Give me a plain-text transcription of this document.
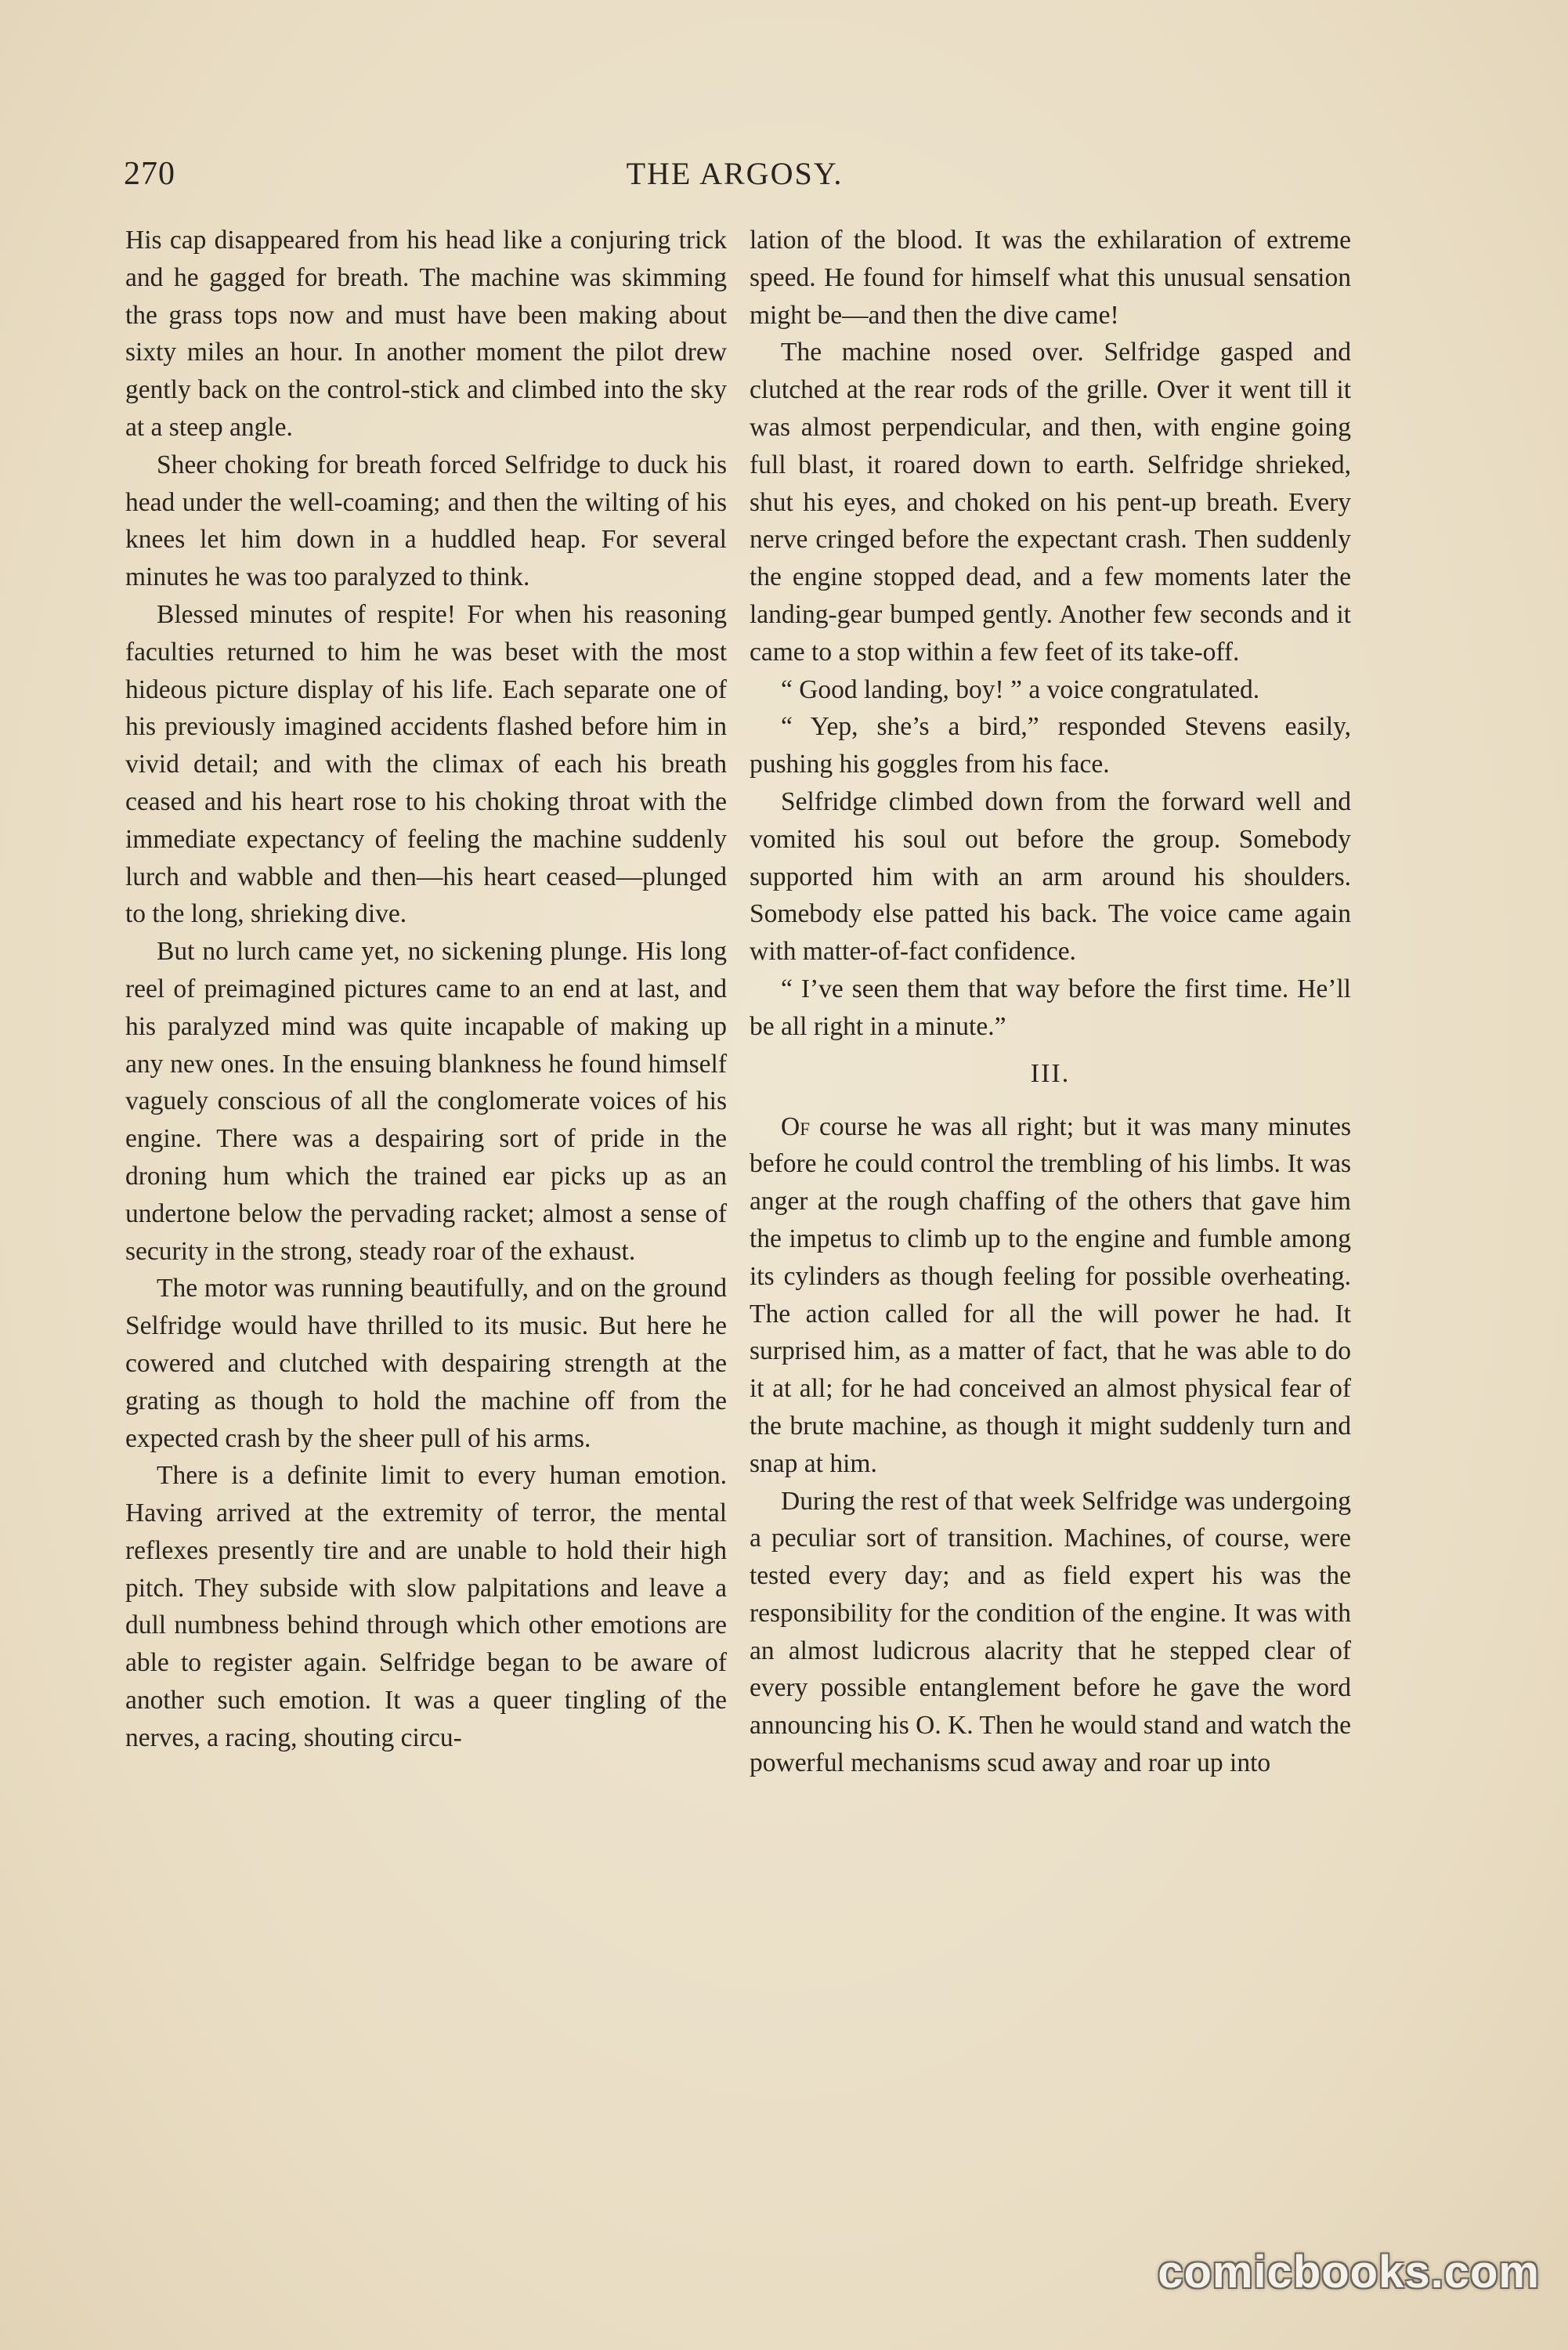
270	THE ARGOSY.

His cap disappeared from his head like a conjuring trick and he gagged for breath. The machine was skimming the grass tops now and must have been making about sixty miles an hour. In another moment the pilot drew gently back on the control-stick and climbed into the sky at a steep angle.

Sheer choking for breath forced Selfridge to duck his head under the well-coaming; and then the wilting of his knees let him down in a huddled heap. For several minutes he was too paralyzed to think.

Blessed minutes of respite! For when his reasoning faculties returned to him he was beset with the most hideous picture display of his life. Each separate one of his previously imagined accidents flashed before him in vivid detail; and with the climax of each his breath ceased and his heart rose to his choking throat with the immediate expectancy of feeling the machine suddenly lurch and wabble and then—his heart ceased—plunged to the long, shrieking dive.

But no lurch came yet, no sickening plunge. His long reel of preimagined pictures came to an end at last, and his paralyzed mind was quite incapable of making up any new ones. In the ensuing blankness he found himself vaguely conscious of all the conglomerate voices of his engine. There was a despairing sort of pride in the droning hum which the trained ear picks up as an undertone below the pervading racket; almost a sense of security in the strong, steady roar of the exhaust.

The motor was running beautifully, and on the ground Selfridge would have thrilled to its music. But here he cowered and clutched with despairing strength at the grating as though to hold the machine off from the expected crash by the sheer pull of his arms.

There is a definite limit to every human emotion. Having arrived at the extremity of terror, the mental reflexes presently tire and are unable to hold their high pitch. They subside with slow palpitations and leave a dull numbness behind through which other emotions are able to register again. Selfridge began to be aware of another such emotion. It was a queer tingling of the nerves, a racing, shouting circu-

lation of the blood. It was the exhilaration of extreme speed. He found for himself what this unusual sensation might be—and then the dive came!

The machine nosed over. Selfridge gasped and clutched at the rear rods of the grille. Over it went till it was almost perpendicular, and then, with engine going full blast, it roared down to earth. Selfridge shrieked, shut his eyes, and choked on his pent-up breath. Every nerve cringed before the expectant crash. Then suddenly the engine stopped dead, and a few moments later the landing-gear bumped gently. Another few seconds and it came to a stop within a few feet of its take-off.

“ Good landing, boy! ” a voice congratulated.

“ Yep, she’s a bird,” responded Stevens easily, pushing his goggles from his face.

Selfridge climbed down from the forward well and vomited his soul out before the group. Somebody supported him with an arm around his shoulders. Somebody else patted his back. The voice came again with matter-of-fact confidence.

“ I’ve seen them that way before the first time. He’ll be all right in a minute.”

III.

Of course he was all right; but it was many minutes before he could control the trembling of his limbs. It was anger at the rough chaffing of the others that gave him the impetus to climb up to the engine and fumble among its cylinders as though feeling for possible overheating. The action called for all the will power he had. It surprised him, as a matter of fact, that he was able to do it at all; for he had conceived an almost physical fear of the brute machine, as though it might suddenly turn and snap at him.

During the rest of that week Selfridge was undergoing a peculiar sort of transition. Machines, of course, were tested every day; and as field expert his was the responsibility for the condition of the engine. It was with an almost ludicrous alacrity that he stepped clear of every possible entanglement before he gave the word announcing his O. K. Then he would stand and watch the powerful mechanisms scud away and roar up into

comicbooks.com
